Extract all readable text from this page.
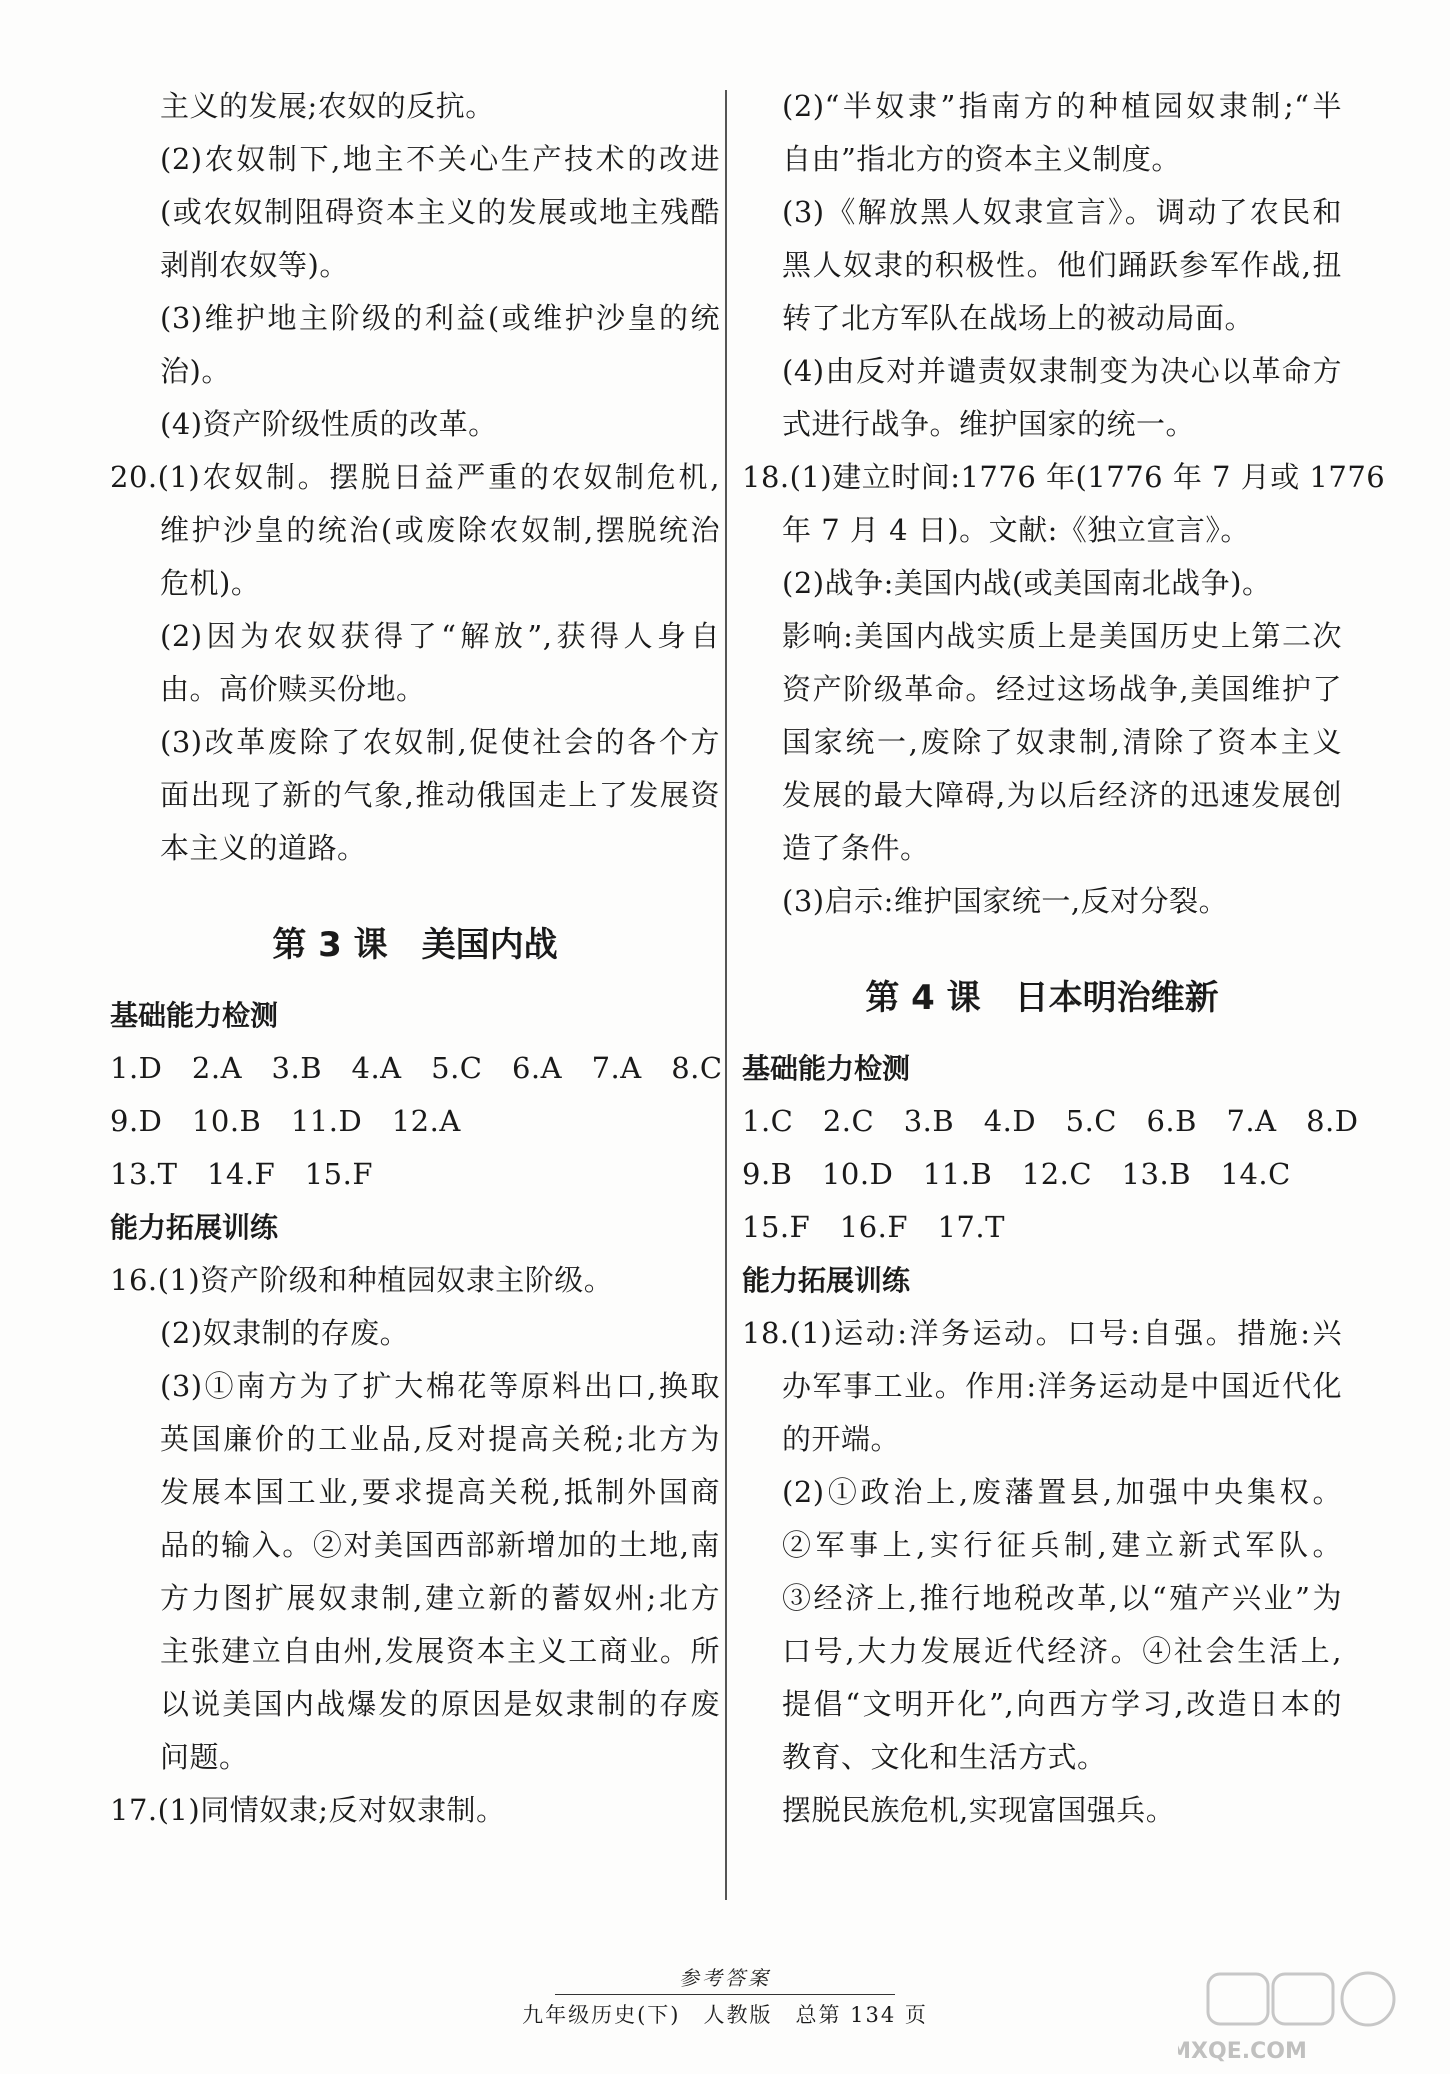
主义的发展;农奴的反抗。
(2)农奴制下,地主不关心生产技术的改进
(或农奴制阻碍资本主义的发展或地主残酷
剥削农奴等)。
(3)维护地主阶级的利益(或维护沙皇的统
治)。
(4)资产阶级性质的改革。
20.(1)农奴制。摆脱日益严重的农奴制危机,
维护沙皇的统治(或废除农奴制,摆脱统治
危机)。
(2)因为农奴获得了“解放”,获得人身自
由。高价赎买份地。
(3)改革废除了农奴制,促使社会的各个方
面出现了新的气象,推动俄国走上了发展资
本主义的道路。
第 3 课　美国内战
基础能力检测
1.D　2.A　3.B　4.A　5.C　6.A　7.A　8.C
9.D　10.B　11.D　12.A
13.T　14.F　15.F
能力拓展训练
16.(1)资产阶级和种植园奴隶主阶级。
(2)奴隶制的存废。
(3)①南方为了扩大棉花等原料出口,换取
英国廉价的工业品,反对提高关税;北方为
发展本国工业,要求提高关税,抵制外国商
品的输入。②对美国西部新增加的土地,南
方力图扩展奴隶制,建立新的蓄奴州;北方
主张建立自由州,发展资本主义工商业。所
以说美国内战爆发的原因是奴隶制的存废
问题。
17.(1)同情奴隶;反对奴隶制。
(2)“半奴隶”指南方的种植园奴隶制;“半
自由”指北方的资本主义制度。
(3)《解放黑人奴隶宣言》。调动了农民和
黑人奴隶的积极性。他们踊跃参军作战,扭
转了北方军队在战场上的被动局面。
(4)由反对并谴责奴隶制变为决心以革命方
式进行战争。维护国家的统一。
18.(1)建立时间:1776 年(1776 年 7 月或 1776
年 7 月 4 日)。文献:《独立宣言》。
(2)战争:美国内战(或美国南北战争)。
影响:美国内战实质上是美国历史上第二次
资产阶级革命。经过这场战争,美国维护了
国家统一,废除了奴隶制,清除了资本主义
发展的最大障碍,为以后经济的迅速发展创
造了条件。
(3)启示:维护国家统一,反对分裂。
第 4 课　日本明治维新
基础能力检测
1.C　2.C　3.B　4.D　5.C　6.B　7.A　8.D
9.B　10.D　11.B　12.C　13.B　14.C
15.F　16.F　17.T
能力拓展训练
18.(1)运动:洋务运动。口号:自强。措施:兴
办军事工业。作用:洋务运动是中国近代化
的开端。
(2)①政治上,废藩置县,加强中央集权。
②军事上,实行征兵制,建立新式军队。
③经济上,推行地税改革,以“殖产兴业”为
口号,大力发展近代经济。④社会生活上,
提倡“文明开化”,向西方学习,改造日本的
教育、文化和生活方式。
摆脱民族危机,实现富国强兵。
参考答案
九年级历史(下)　人教版　总第 134 页
MXQE.COM
